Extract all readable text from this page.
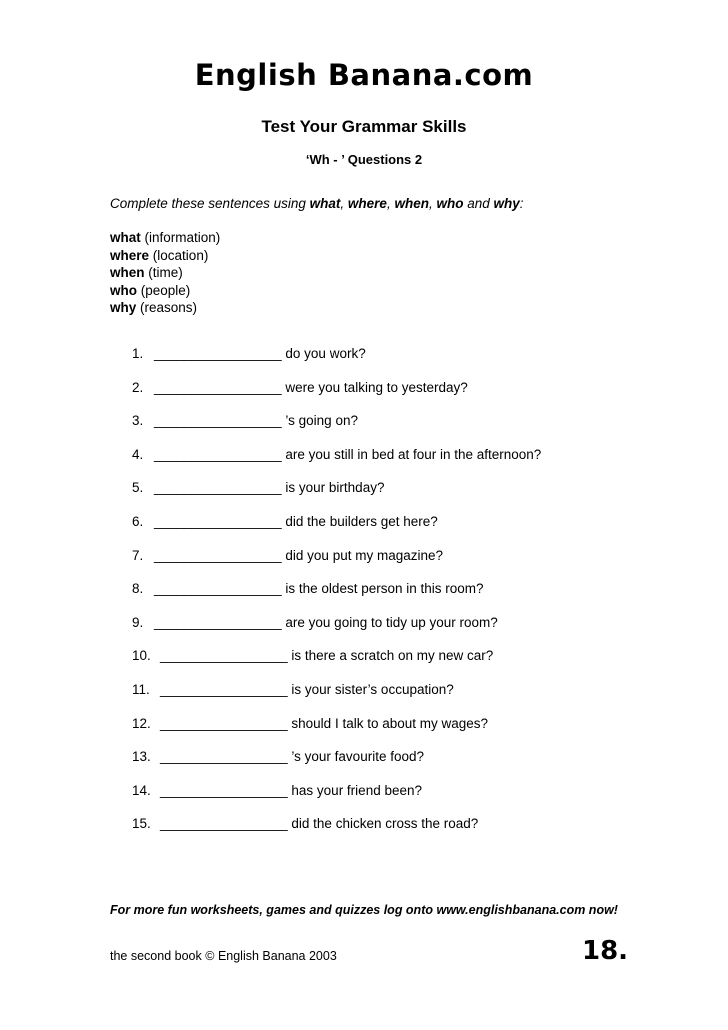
English Banana.com
Test Your Grammar Skills
‘Wh - ’ Questions 2
Complete these sentences using what, where, when, who and why:
what (information)
where (location)
when (time)
who (people)
why (reasons)
1. _________________ do you work?
2. _________________ were you talking to yesterday?
3. _________________ ’s going on?
4. _________________ are you still in bed at four in the afternoon?
5. _________________ is your birthday?
6. _________________ did the builders get here?
7. _________________ did you put my magazine?
8. _________________ is the oldest person in this room?
9. _________________ are you going to tidy up your room?
10. _________________ is there a scratch on my new car?
11. _________________ is your sister’s occupation?
12. _________________ should I talk to about my wages?
13. _________________ ’s your favourite food?
14. _________________ has your friend been?
15. _________________ did the chicken cross the road?
For more fun worksheets, games and quizzes log onto www.englishbanana.com now!
the second book © English Banana 2003	18.
